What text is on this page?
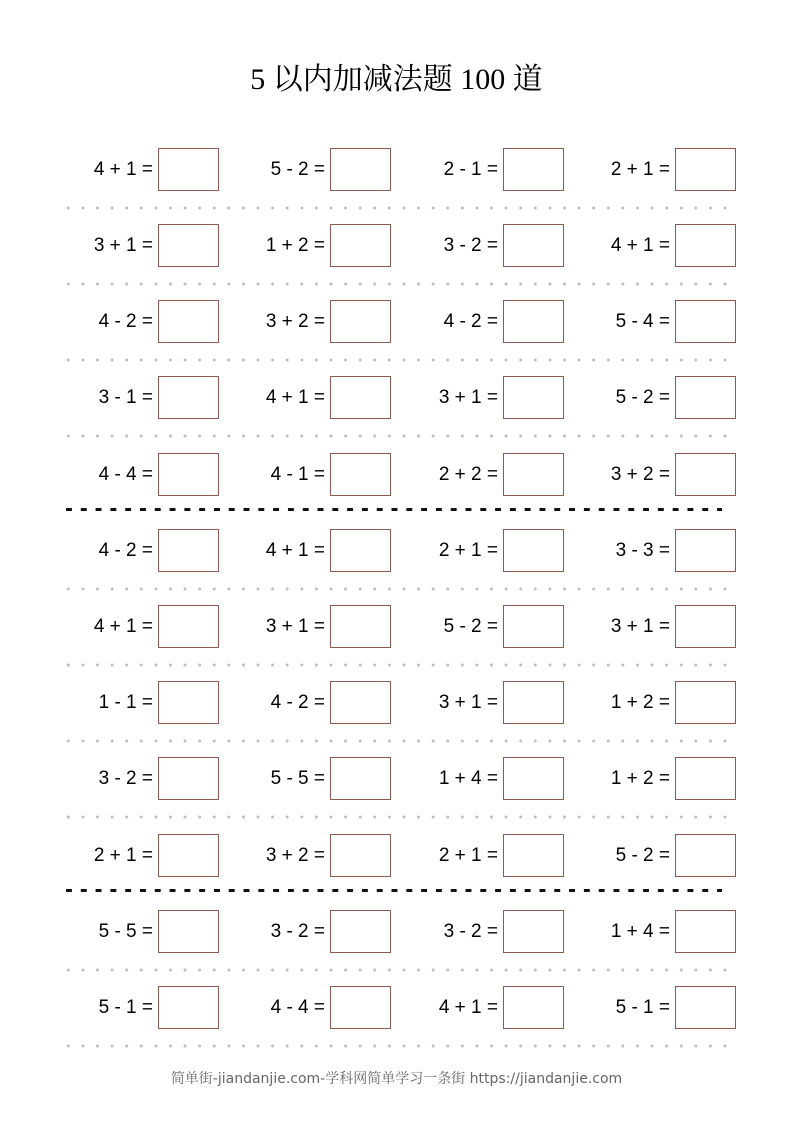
5 以内加减法题 100 道
4 + 1 =	5 - 2 =	2 - 1 =	2 + 1 =
3 + 1 =	1 + 2 =	3 - 2 =	4 + 1 =
4 - 2 =	3 + 2 =	4 - 2 =	5 - 4 =
3 - 1 =	4 + 1 =	3 + 1 =	5 - 2 =
4 - 4 =	4 - 1 =	2 + 2 =	3 + 2 =
4 - 2 =	4 + 1 =	2 + 1 =	3 - 3 =
4 + 1 =	3 + 1 =	5 - 2 =	3 + 1 =
1 - 1 =	4 - 2 =	3 + 1 =	1 + 2 =
3 - 2 =	5 - 5 =	1 + 4 =	1 + 2 =
2 + 1 =	3 + 2 =	2 + 1 =	5 - 2 =
5 - 5 =	3 - 2 =	3 - 2 =	1 + 4 =
5 - 1 =	4 - 4 =	4 + 1 =	5 - 1 =
简单街-jiandanjie.com-学科网简单学习一条街 https://jiandanjie.com
